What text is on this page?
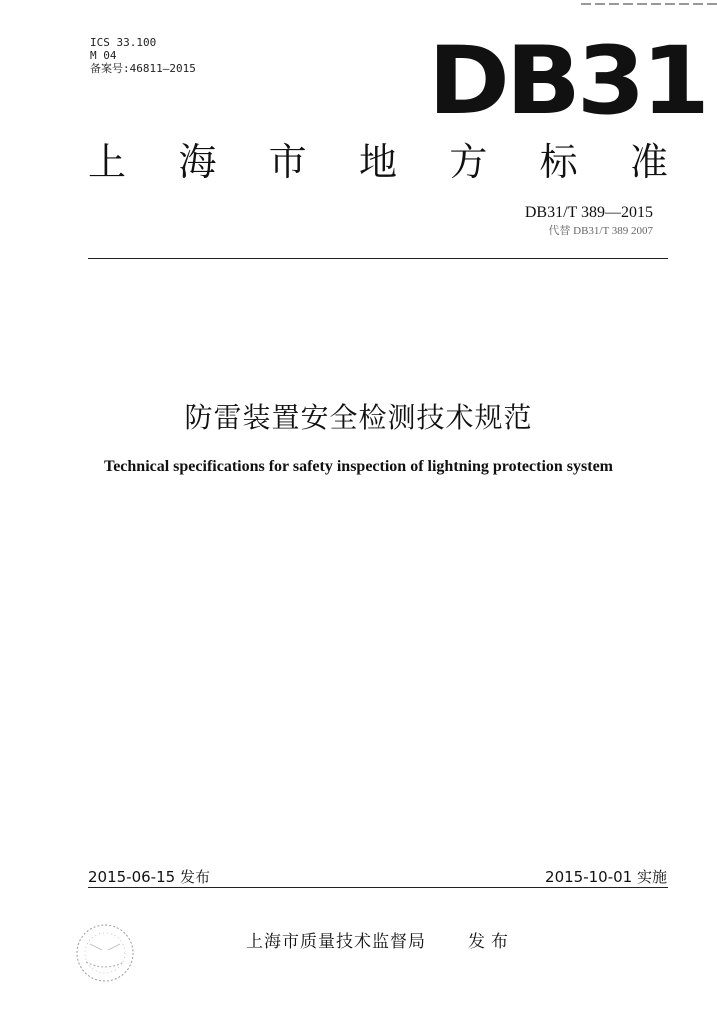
ICS 33.100
M 04
备案号:46811—2015 DB31
上 海 市 地 方 标 准
DB31/T 389—2015
代替 DB31/T 389 2007
防雷装置安全检测技术规范
Technical specifications for safety inspection of lightning protection system
2015-06-15 发布	2015-10-01 实施
上海市质量技术监督局 发布
